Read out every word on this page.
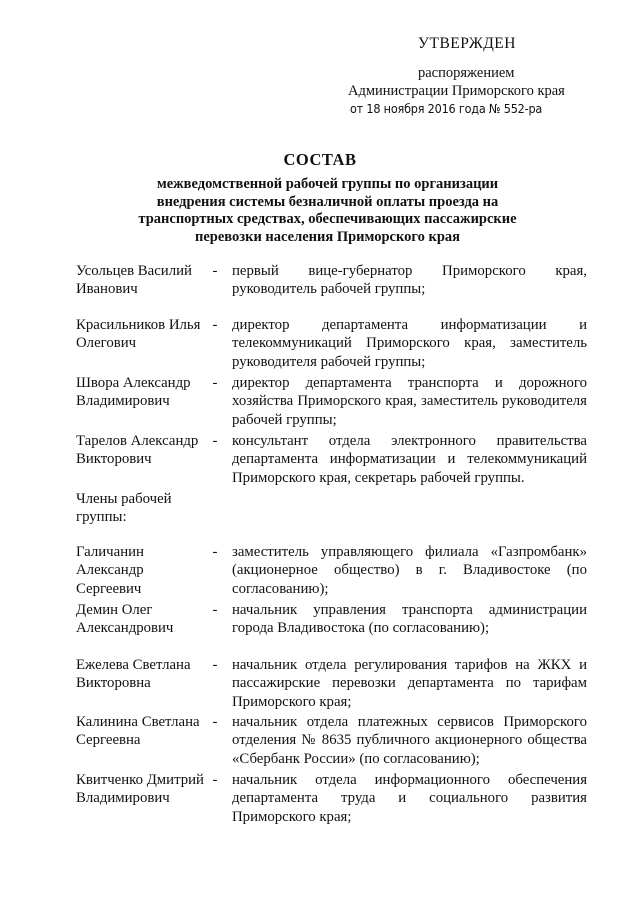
УТВЕРЖДЕН
распоряжением
Администрации Приморского края
от 18 ноября 2016 года № 552-ра
СОСТАВ
межведомственной рабочей группы по организации внедрения системы безналичной оплаты проезда на транспортных средствах, обеспечивающих пассажирские перевозки населения Приморского края
Усольцев Василий Иванович
- первый вице-губернатор Приморского края, руководитель рабочей группы;
Красильников Илья Олегович
- директор департамента информатизации и телекоммуникаций Приморского края, заместитель руководителя рабочей группы;
Швора Александр Владимирович
- директор департамента транспорта и дорожного хозяйства Приморского края, заместитель руководителя рабочей группы;
Тарелов Александр Викторович
- консультант отдела электронного правительства департамента информатизации и телекоммуникаций Приморского края, секретарь рабочей группы.
Члены рабочей группы:
Галичанин Александр Сергеевич
- заместитель управляющего филиала «Газпромбанк» (акционерное общество) в г. Владивостоке (по согласованию);
Демин Олег Александрович
- начальник управления транспорта администрации города Владивостока (по согласованию);
Ежелева Светлана Викторовна
- начальник отдела регулирования тарифов на ЖКХ и пассажирские перевозки департамента по тарифам Приморского края;
Калинина Светлана Сергеевна
- начальник отдела платежных сервисов Приморского отделения № 8635 публичного акционерного общества «Сбербанк России» (по согласованию);
Квитченко Дмитрий Владимирович
- начальник отдела информационного обеспечения департамента труда и социального развития Приморского края;
